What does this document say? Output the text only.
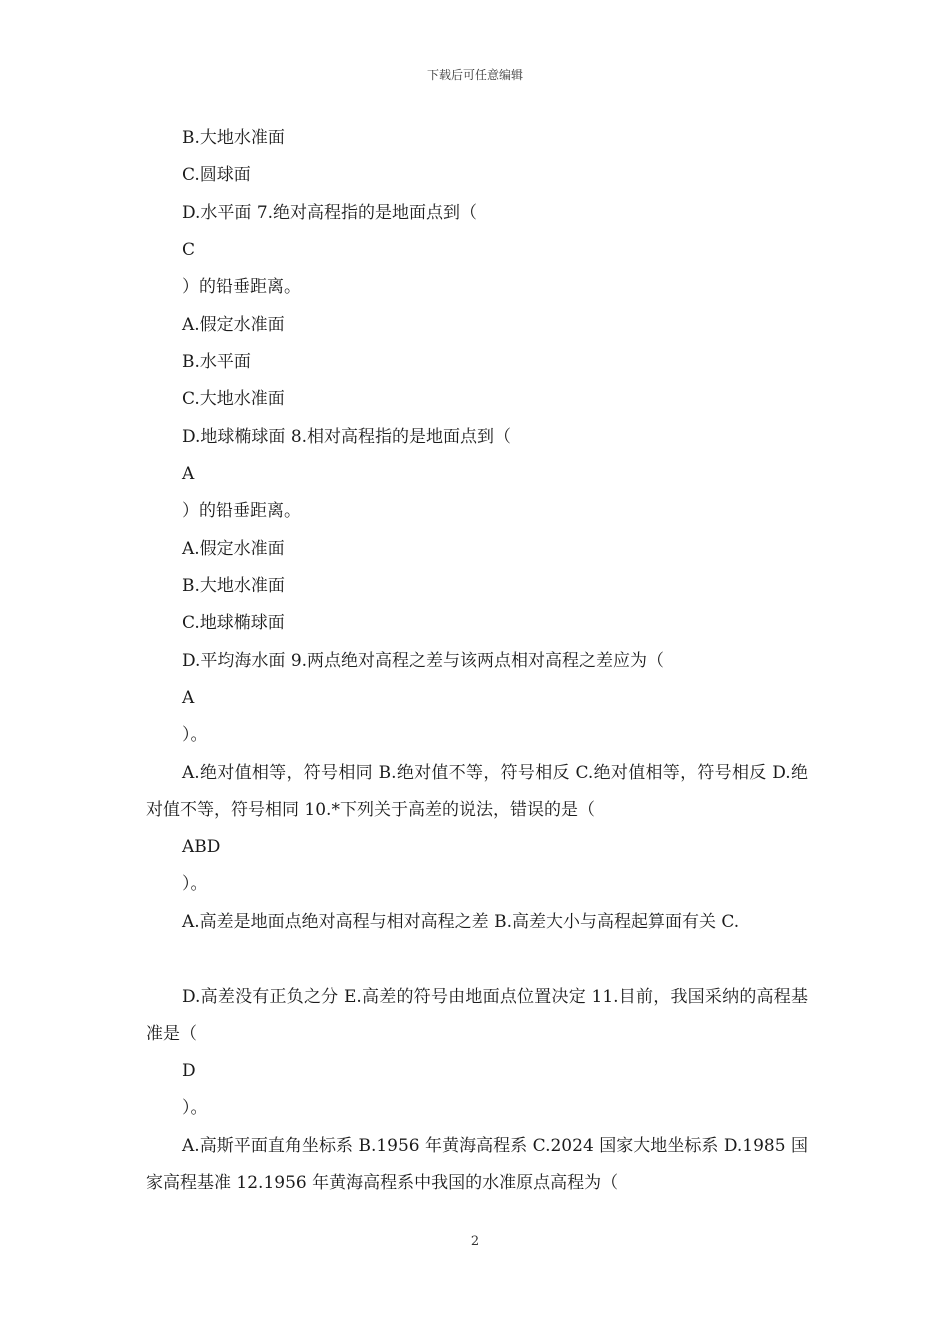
下载后可任意编辑
B.大地水准面
C.圆球面
D.水平面 7.绝对高程指的是地面点到（
C
）的铅垂距离。
A.假定水准面
B.水平面
C.大地水准面
D.地球椭球面 8.相对高程指的是地面点到（
A
）的铅垂距离。
A.假定水准面
B.大地水准面
C.地球椭球面
D.平均海水面 9.两点绝对高程之差与该两点相对高程之差应为（
A
）。
A.绝对值相等，符号相同 B.绝对值不等，符号相反 C.绝对值相等，符号相反 D.绝对值不等，符号相同 10.*下列关于高差的说法，错误的是（
ABD
）。
A.高差是地面点绝对高程与相对高程之差 B.高差大小与高程起算面有关 C.
D.高差没有正负之分 E.高差的符号由地面点位置决定 11.目前，我国采纳的高程基准是（
D
）。
A.高斯平面直角坐标系 B.1956 年黄海高程系 C.2024 国家大地坐标系 D.1985 国家高程基准 12.1956 年黄海高程系中我国的水准原点高程为（
2
